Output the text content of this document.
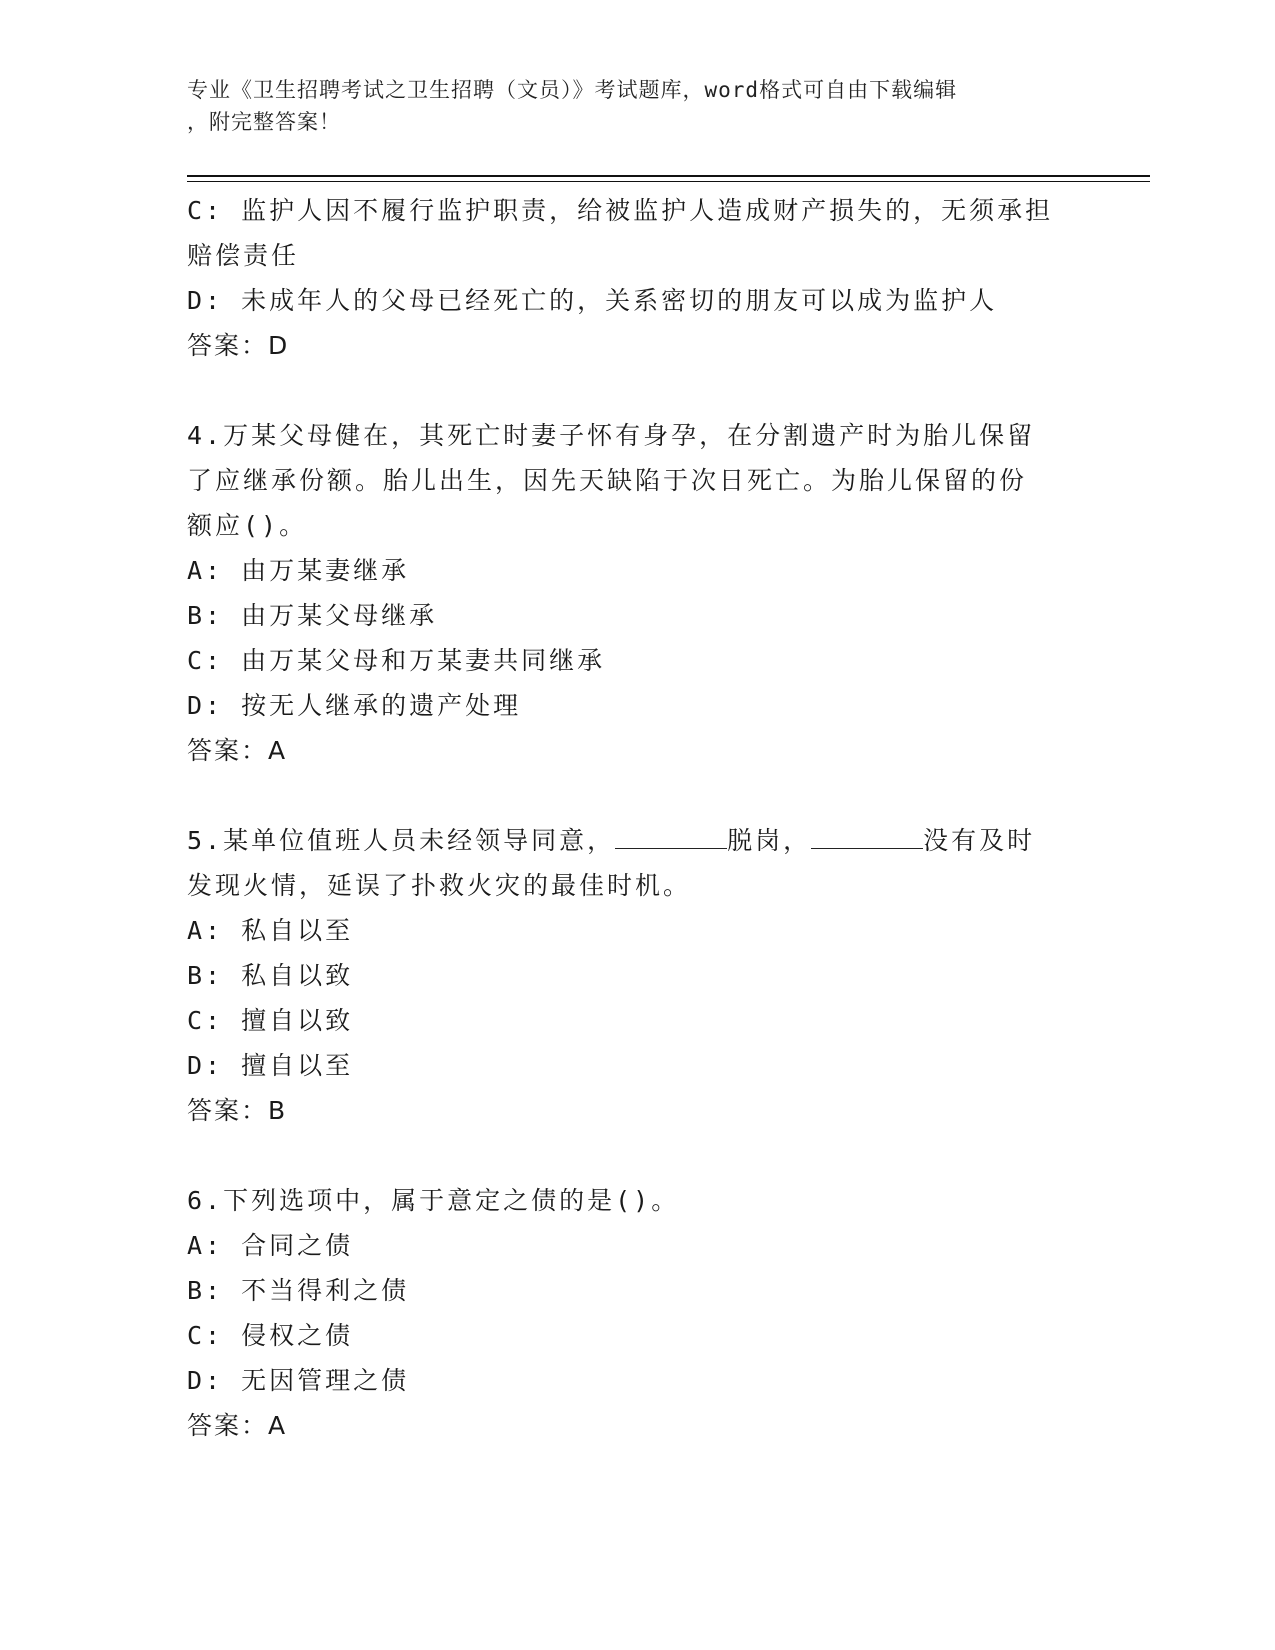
专业《卫生招聘考试之卫生招聘（文员）》考试题库，word格式可自由下载编辑
，附完整答案！
C: 监护人因不履行监护职责，给被监护人造成财产损失的，无须承担
赔偿责任
D: 未成年人的父母已经死亡的，关系密切的朋友可以成为监护人
答案：D
4.万某父母健在，其死亡时妻子怀有身孕，在分割遗产时为胎儿保留
了应继承份额。胎儿出生，因先天缺陷于次日死亡。为胎儿保留的份
额应()。
A: 由万某妻继承
B: 由万某父母继承
C: 由万某父母和万某妻共同继承
D: 按无人继承的遗产处理
答案：A
5.某单位值班人员未经领导同意，	脱岗，	没有及时
发现火情，延误了扑救火灾的最佳时机。
A: 私自以至
B: 私自以致
C: 擅自以致
D: 擅自以至
答案：B
6.下列选项中，属于意定之债的是()。
A: 合同之债
B: 不当得利之债
C: 侵权之债
D: 无因管理之债
答案：A
